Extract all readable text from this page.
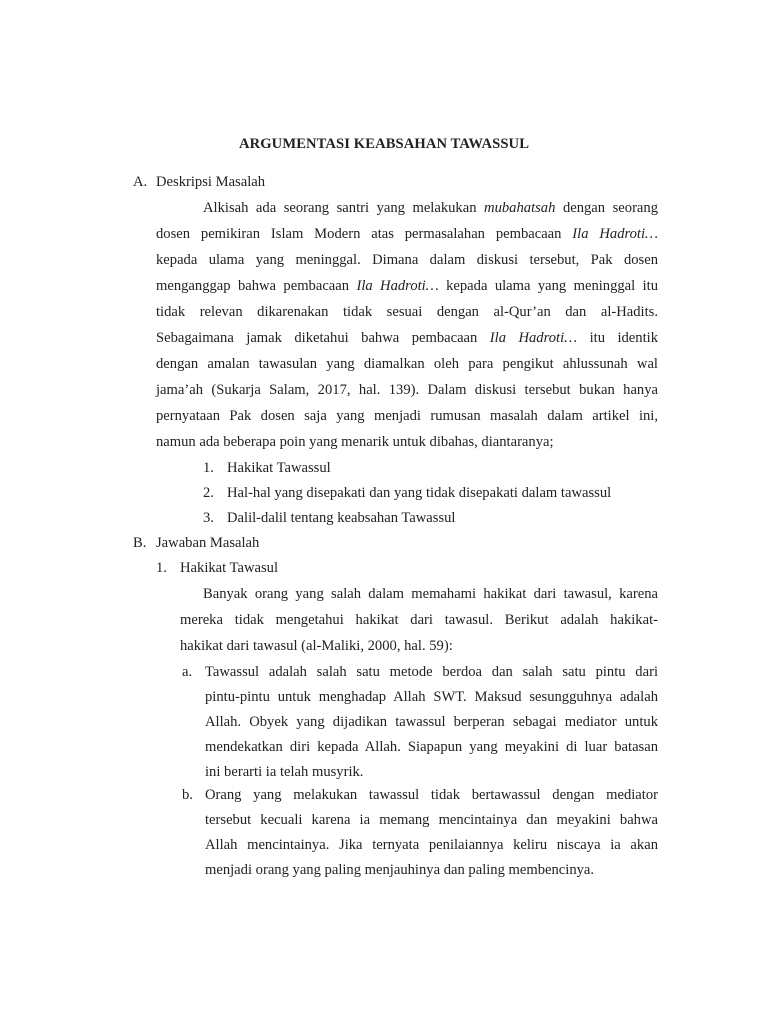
ARGUMENTASI KEABSAHAN TAWASSUL
A. Deskripsi Masalah
Alkisah ada seorang santri yang melakukan mubahatsah dengan seorang
dosen pemikiran Islam Modern atas permasalahan pembacaan Ila Hadroti…
kepada ulama yang meninggal. Dimana dalam diskusi tersebut, Pak dosen
menganggap bahwa pembacaan Ila Hadroti… kepada ulama yang meninggal itu
tidak relevan dikarenakan tidak sesuai dengan al-Qur’an dan al-Hadits.
Sebagaimana jamak diketahui bahwa pembacaan Ila Hadroti… itu identik
dengan amalan tawasulan yang diamalkan oleh para pengikut ahlussunah wal
jama’ah (Sukarja Salam, 2017, hal. 139). Dalam diskusi tersebut bukan hanya
pernyataan Pak dosen saja yang menjadi rumusan masalah dalam artikel ini,
namun ada beberapa poin yang menarik untuk dibahas, diantaranya;
1. Hakikat Tawassul
2. Hal-hal yang disepakati dan yang tidak disepakati dalam tawassul
3. Dalil-dalil tentang keabsahan Tawassul
B. Jawaban Masalah
1. Hakikat Tawasul
Banyak orang yang salah dalam memahami hakikat dari tawasul, karena
mereka tidak mengetahui hakikat dari tawasul. Berikut adalah hakikat-
hakikat dari tawasul (al-Maliki, 2000, hal. 59):
a. Tawassul adalah salah satu metode berdoa dan salah satu pintu dari
pintu-pintu untuk menghadap Allah SWT. Maksud sesungguhnya adalah
Allah. Obyek yang dijadikan tawassul berperan sebagai mediator untuk
mendekatkan diri kepada Allah. Siapapun yang meyakini di luar batasan
ini berarti ia telah musyrik.
b. Orang yang melakukan tawassul tidak bertawassul dengan mediator
tersebut kecuali karena ia memang mencintainya dan meyakini bahwa
Allah mencintainya. Jika ternyata penilaiannya keliru niscaya ia akan
menjadi orang yang paling menjauhinya dan paling membencinya.
